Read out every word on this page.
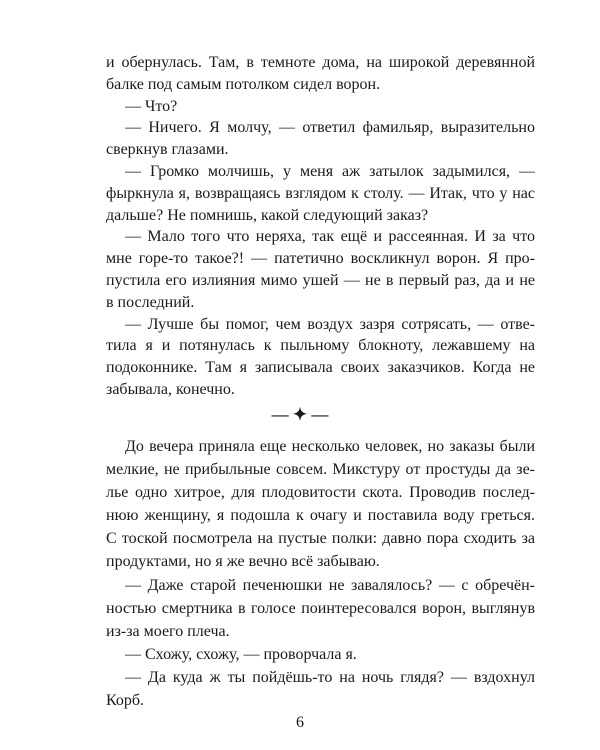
и обернулась. Там, в темноте дома, на широкой деревянной
балке под самым потолком сидел ворон.
— Что?
— Ничего. Я молчу, — ответил фамильяр, выразительно
сверкнув глазами.
— Громко молчишь, у меня аж затылок задымился, —
фыркнула я, возвращаясь взглядом к столу. — Итак, что у нас
дальше? Не помнишь, какой следующий заказ?
— Мало того что неряха, так ещё и рассеянная. И за что
мне горе-то такое?! — патетично воскликнул ворон. Я про-
пустила его излияния мимо ушей — не в первый раз, да и не
в последний.
— Лучше бы помог, чем воздух зазря сотрясать, — отве-
тила я и потянулась к пыльному блокноту, лежавшему на
подоконнике. Там я записывала своих заказчиков. Когда не
— ✦ —
До вечера приняла еще несколько человек, но заказы были
мелкие, не прибыльные совсем. Микстуру от простуды да зе-
лье одно хитрое, для плодовитости скота. Проводив послед-
нюю женщину, я подошла к очагу и поставила воду греться.
С тоской посмотрела на пустые полки: давно пора сходить за
продуктами, но я же вечно всё забываю.
— Даже старой печенюшки не завалялось? — с обречён-
ностью смертника в голосе поинтересовался ворон, выглянув
из-за моего плеча.
— Схожу, схожу, — проворчала я.
— Да куда ж ты пойдёшь-то на ночь глядя? — вздохнул
Корб.
6
забывала, конечно.
